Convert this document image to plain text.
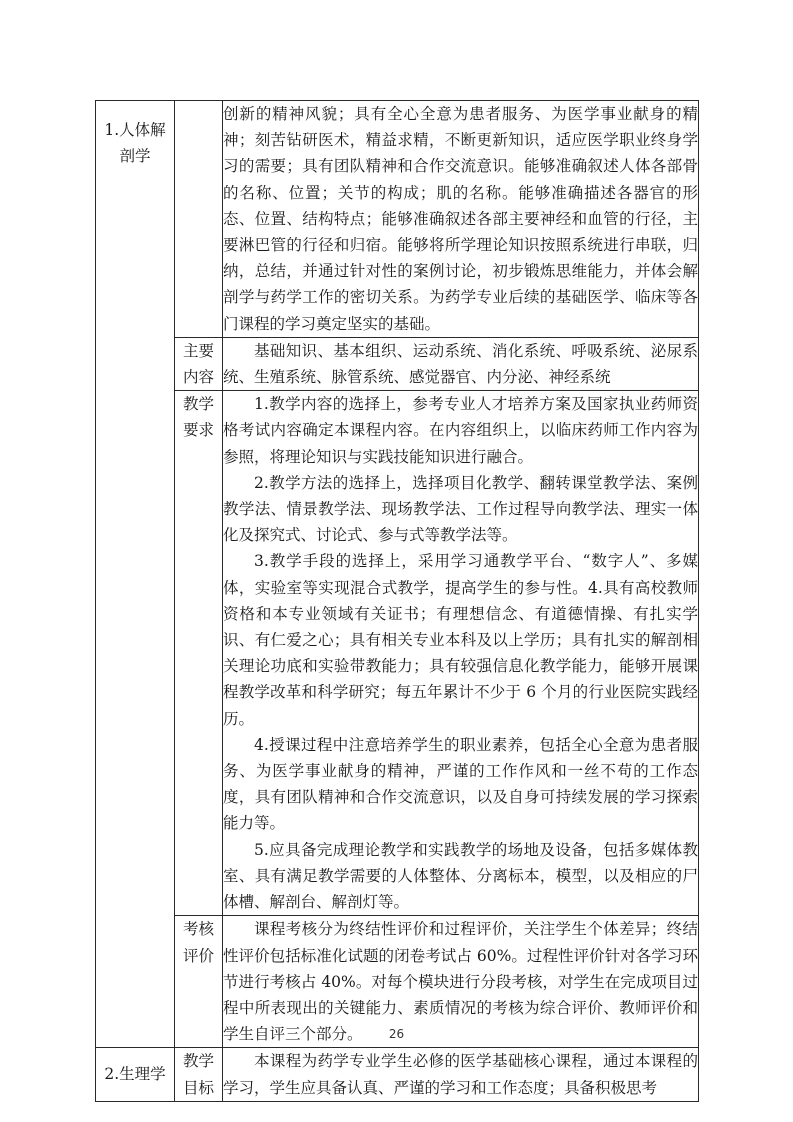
1.人体解剖学		创新的精神风貌；具有全心全意为患者服务、为医学事业献身的精神；刻苦钻研医术，精益求精，不断更新知识，适应医学职业终身学习的需要；具有团队精神和合作交流意识。能够准确叙述人体各部骨的名称、位置；关节的构成；肌的名称。能够准确描述各器官的形态、位置、结构特点；能够准确叙述各部主要神经和血管的行径，主要淋巴管的行径和归宿。能够将所学理论知识按照系统进行串联，归纳，总结，并通过针对性的案例讨论，初步锻炼思维能力，并体会解剖学与药学工作的密切关系。为药学专业后续的基础医学、临床等各门课程的学习奠定坚实的基础。

	主要内容	基础知识、基本组织、运动系统、消化系统、呼吸系统、泌尿系统、生殖系统、脉管系统、感觉器官、内分泌、神经系统

	教学要求	1.教学内容的选择上，参考专业人才培养方案及国家执业药师资格考试内容确定本课程内容。在内容组织上，以临床药师工作内容为参照，将理论知识与实践技能知识进行融合。

2.教学方法的选择上，选择项目化教学、翻转课堂教学法、案例教学法、情景教学法、现场教学法、工作过程导向教学法、理实一体化及探究式、讨论式、参与式等教学法等。

3.教学手段的选择上，采用学习通教学平台、“数字人”、多媒体，实验室等实现混合式教学，提高学生的参与性。4.具有高校教师资格和本专业领域有关证书；有理想信念、有道德情操、有扎实学识、有仁爱之心；具有相关专业本科及以上学历；具有扎实的解剖相关理论功底和实验带教能力；具有较强信息化教学能力，能够开展课程教学改革和科学研究；每五年累计不少于 6 个月的行业医院实践经历。

4.授课过程中注意培养学生的职业素养，包括全心全意为患者服务、为医学事业献身的精神，严谨的工作作风和一丝不苟的工作态度，具有团队精神和合作交流意识，以及自身可持续发展的学习探索能力等。

5.应具备完成理论教学和实践教学的场地及设备，包括多媒体教室、具有满足教学需要的人体整体、分离标本，模型，以及相应的尸体槽、解剖台、解剖灯等。

	考核评价	课程考核分为终结性评价和过程评价，关注学生个体差异；终结性评价包括标准化试题的闭卷考试占 60%。过程性评价针对各学习环节进行考核占 40%。对每个模块进行分段考核，对学生在完成项目过程中所表现出的关键能力、素质情况的考核为综合评价、教师评价和学生自评三个部分。

2.生理学	教学目标	本课程为药学专业学生必修的医学基础核心课程，通过本课程的学习，学生应具备认真、严谨的学习和工作态度；具备积极思考

26
